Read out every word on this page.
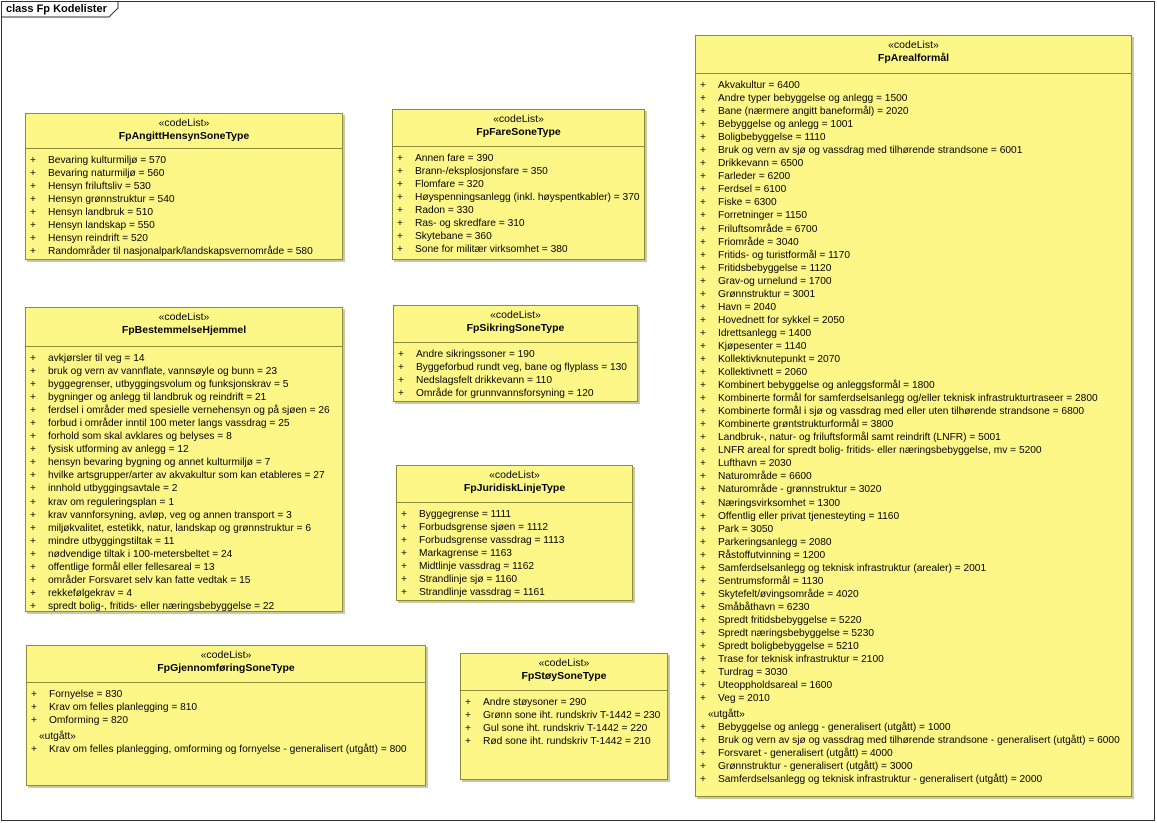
class Fp Kodelister
«codeList»
FpAngittHensynSoneType
+ Bevaring kulturmiljø = 570
+ Bevaring naturmiljø = 560
+ Hensyn friluftsliv = 530
+ Hensyn grønnstruktur = 540
+ Hensyn landbruk = 510
+ Hensyn landskap = 550
+ Hensyn reindrift = 520
+ Randområder til nasjonalpark/landskapsvernområde = 580
«codeList»
FpFareSoneType
+ Annen fare = 390
+ Brann-/eksplosjonsfare = 350
+ Flomfare = 320
+ Høyspenningsanlegg (inkl. høyspentkabler) = 370
+ Radon = 330
+ Ras- og skredfare = 310
+ Skytebane = 360
+ Sone for militær virksomhet = 380
«codeList»
FpBestemmelseHjemmel
+ avkjørsler til veg = 14
+ bruk og vern av vannflate, vannsøyle og bunn = 23
+ byggegrenser, utbyggingsvolum og funksjonskrav = 5
+ bygninger og anlegg til landbruk og reindrift = 21
+ ferdsel i områder med spesielle vernehensyn og på sjøen = 26
+ forbud i områder inntil 100 meter langs vassdrag = 25
+ forhold som skal avklares og belyses = 8
+ fysisk utforming av anlegg = 12
+ hensyn bevaring bygning og annet kulturmiljø = 7
+ hvilke artsgrupper/arter av akvakultur som kan etableres = 27
+ innhold utbyggingsavtale = 2
+ krav om reguleringsplan = 1
+ krav vannforsyning, avløp, veg og annen transport = 3
+ miljøkvalitet, estetikk, natur, landskap og grønnstruktur = 6
+ mindre utbyggingstiltak = 11
+ nødvendige tiltak i 100-metersbeltet = 24
+ offentlige formål eller fellesareal = 13
+ områder Forsvaret selv kan fatte vedtak = 15
+ rekkefølgekrav = 4
+ spredt bolig-, fritids- eller næringsbebyggelse = 22
«codeList»
FpSikringSoneType
+ Andre sikringssoner = 190
+ Byggeforbud rundt veg, bane og flyplass = 130
+ Nedslagsfelt drikkevann = 110
+ Område for grunnvannsforsyning = 120
«codeList»
FpJuridiskLinjeType
+ Byggegrense = 1111
+ Forbudsgrense sjøen = 1112
+ Forbudsgrense vassdrag = 1113
+ Markagrense = 1163
+ Midtlinje vassdrag = 1162
+ Strandlinje sjø = 1160
+ Strandlinje vassdrag = 1161
«codeList»
FpGjennomføringSoneType
+ Fornyelse = 830
+ Krav om felles planlegging = 810
+ Omforming = 820
«utgått»
+ Krav om felles planlegging, omforming og fornyelse - generalisert (utgått) = 800
«codeList»
FpStøySoneType
+ Andre støysoner = 290
+ Grønn sone iht. rundskriv T-1442 = 230
+ Gul sone iht. rundskriv T-1442 = 220
+ Rød sone iht. rundskriv T-1442 = 210
«codeList»
FpArealformål
+ Akvakultur = 6400
+ Andre typer bebyggelse og anlegg = 1500
+ Bane (nærmere angitt baneformål) = 2020
+ Bebyggelse og anlegg = 1001
+ Boligbebyggelse = 1110
+ Bruk og vern av sjø og vassdrag med tilhørende strandsone = 6001
+ Drikkevann = 6500
+ Farleder = 6200
+ Ferdsel = 6100
+ Fiske = 6300
+ Forretninger = 1150
+ Friluftsområde = 6700
+ Friområde = 3040
+ Fritids- og turistformål = 1170
+ Fritidsbebyggelse = 1120
+ Grav-og urnelund = 1700
+ Grønnstruktur = 3001
+ Havn = 2040
+ Hovednett for sykkel = 2050
+ Idrettsanlegg = 1400
+ Kjøpesenter = 1140
+ Kollektivknutepunkt = 2070
+ Kollektivnett = 2060
+ Kombinert bebyggelse og anleggsformål = 1800
+ Kombinerte formål for samferdselsanlegg og/eller teknisk infrastrukturtraseer = 2800
+ Kombinerte formål i sjø og vassdrag med eller uten tilhørende strandsone = 6800
+ Kombinerte grøntstrukturformål = 3800
+ Landbruk-, natur- og friluftsformål samt reindrift (LNFR) = 5001
+ LNFR areal for spredt bolig- fritids- eller næringsbebyggelse, mv = 5200
+ Lufthavn = 2030
+ Naturområde = 6600
+ Naturområde - grønnstruktur = 3020
+ Næringsvirksomhet = 1300
+ Offentlig eller privat tjenesteyting = 1160
+ Park = 3050
+ Parkeringsanlegg = 2080
+ Råstoffutvinning = 1200
+ Samferdselsanlegg og teknisk infrastruktur (arealer) = 2001
+ Sentrumsformål = 1130
+ Skytefelt/øvingsområde = 4020
+ Småbåthavn = 6230
+ Spredt fritidsbebyggelse = 5220
+ Spredt næringsbebyggelse = 5230
+ Spredt boligbebyggelse = 5210
+ Trase for teknisk infrastruktur = 2100
+ Turdrag = 3030
+ Uteoppholdsareal = 1600
+ Veg = 2010
«utgått»
+ Bebyggelse og anlegg - generalisert (utgått) = 1000
+ Bruk og vern av sjø og vassdrag med tilhørende strandsone - generalisert (utgått) = 6000
+ Forsvaret - generalisert (utgått) = 4000
+ Grønnstruktur - generalisert (utgått) = 3000
+ Samferdselsanlegg og teknisk infrastruktur - generalisert (utgått) = 2000
